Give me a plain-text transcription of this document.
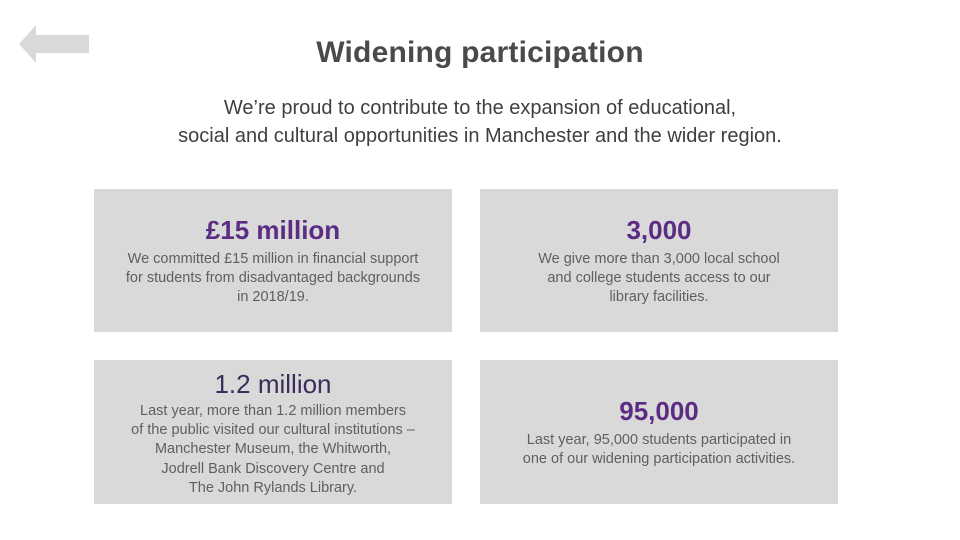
Widening participation
We’re proud to contribute to the expansion of educational,
social and cultural opportunities in Manchester and the wider region.
£15 million
We committed £15 million in financial support
for students from disadvantaged backgrounds
in 2018/19.
3,000
We give more than 3,000 local school
and college students access to our
library facilities.
1.2 million
Last year, more than 1.2 million members
of the public visited our cultural institutions –
Manchester Museum, the Whitworth,
Jodrell Bank Discovery Centre and
The John Rylands Library.
95,000
Last year, 95,000 students participated in
one of our widening participation activities.
